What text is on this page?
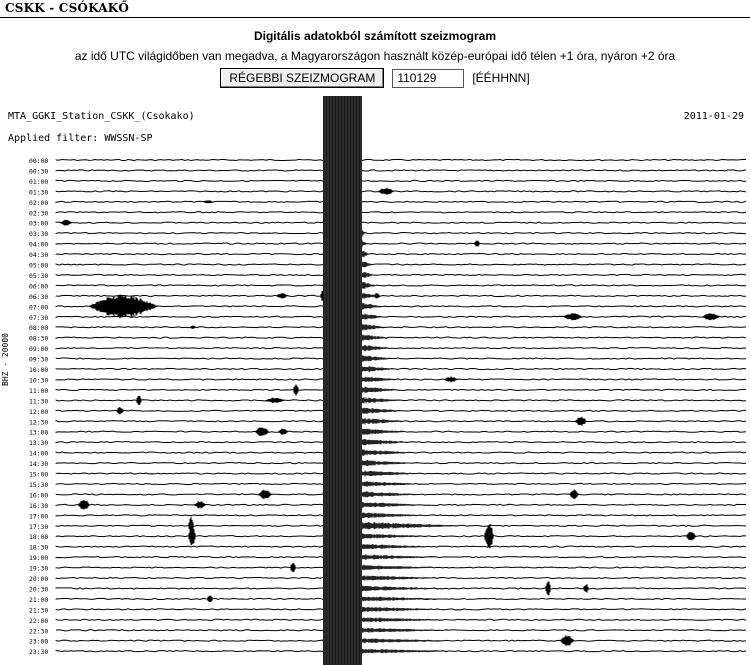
CSKK - CSÓKAKŐ
Digitális adatokból számított szeizmogram
az idő UTC világidőben van megadva, a Magyarországon használt közép-európai idő télen +1 óra, nyáron +2 óra
RÉGEBBI SZEIZMOGRAM
110129	[ÉÉHHNN]
00:00
00:30
01:00
01:30
02:00
02:30
03:00
03:30
04:00
04:30
05:00
05:30
06:00
06:30
07:00
07:30
08:00
08:30
09:00
09:30
10:00
10:30
11:00
11:30
12:00
12:30
13:00
13:30
14:00
14:30
15:00
15:30
16:00
16:30
17:00
17:30
18:00
18:30
19:00
19:30
20:00
20:30
21:00
21:30
22:00
22:30
23:00
23:30
MTA_GGKI_Station_CSKK_(Csokako)	2011-01-29
Applied filter: WWSSN-SP
BHZ - 20000
